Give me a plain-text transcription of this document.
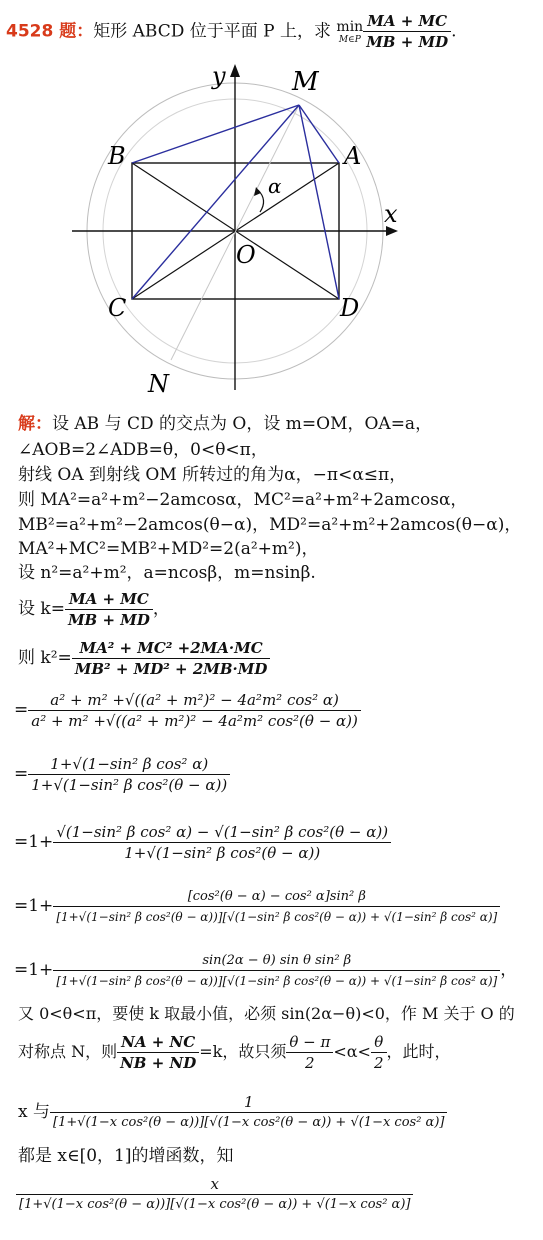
4528 题：矩形 ABCD 位于平面 P 上，求 min
M∈P $\frac{MA + MC}{MB + MD}$ .
y
x
M
A
B
C	D
O
N
α
解：设 AB 与 CD 的交点为 O，设 m=OM，OA=a，
∠AOB=2∠ADB=θ，0<θ<π，
射线 OA 到射线 OM 所转过的角为α，−π<α≤π，
则 MA²=a²+m²−2amcosα，MC²=a²+m²+2amcosα，
MB²=a²+m²−2amcos(θ−α)，MD²=a²+m²+2amcos(θ−α)，
MA²+MC²=MB²+MD²=2(a²+m²)，
设 n²=a²+m²，a=ncosβ，m=nsinβ.
设 $k= \frac{MA + MC}{MB + MD}$ ，
则 $k^2= \frac{\text{MA² + MC² +2MA·MC}}{\text{MB² + MD² + 2MB·MD}}$
= $\frac{\text{a² + m² +√((a² + m²)² − 4a²m² cos² α)}}{\text{a² + m² +√((a² + m²)² − 4a²m² cos²(θ − α))}}$
= $\frac{\text{1+√(1−sin² β cos² α)}}{\text{1+√(1−sin² β cos²(θ − α))}}$
$=1+ \frac{\text{√(1−sin² β cos² α) − √(1−sin² β cos²(θ − α))}}{\text{1+√(1−sin² β cos²(θ − α))}}$
=1+	[cos²(θ − α) − cos² α]sin² β
[1+√(1−sin² β cos²(θ − α))][√(1−sin² β cos²(θ − α)) + √(1−sin² β cos² α)]
=1+	sin(2α − θ) sin θ sin² β
[1+√(1−sin² β cos²(θ − α))][√(1−sin² β cos²(θ − α)) + √(1−sin² β cos² α)]
，
又 0<θ<π，要使 k 取最小值，必须 sin(2α−θ)<0，作 M 关于 O 的
对称点 N，则 $\frac{NA + NC}{NB + ND} =k$，故只须 $\frac{\theta - \pi}{2} <\alpha< \frac{\theta}{2}$ ，此时，
x 与 $\frac{1}{\text{[1+√(1−x cos²(θ − α))][√(1−x cos²(θ − α)) + √(1−x cos² α)]}}$
都是 x∈[0，1]的增函数，知
$\frac{x}{\text{[1+√(1−x cos²(θ − α))][√(1−x cos²(θ − α)) + √(1−x cos² α)]}}$
